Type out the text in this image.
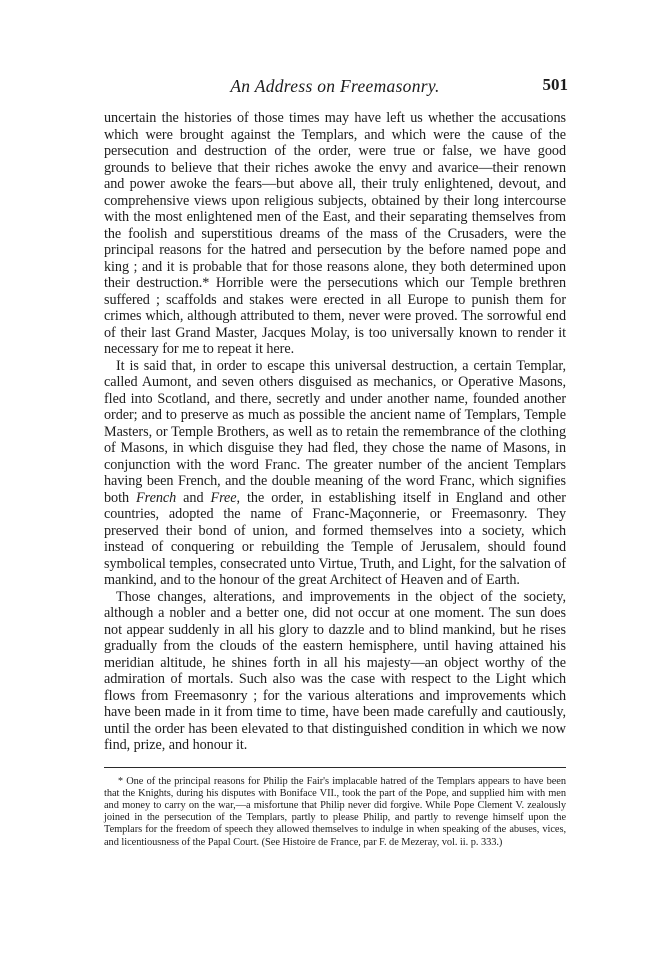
An Address on Freemasonry.	501

uncertain the histories of those times may have left us whether the accusations which were brought against the Templars, and which were the cause of the persecution and destruction of the order, were true or false, we have good grounds to believe that their riches awoke the envy and avarice—their renown and power awoke the fears—but above all, their truly enlightened, devout, and comprehensive views upon religious subjects, obtained by their long intercourse with the most enlightened men of the East, and their separating themselves from the foolish and superstitious dreams of the mass of the Crusaders, were the principal reasons for the hatred and persecution by the before named pope and king ; and it is probable that for those reasons alone, they both determined upon their destruction.* Horrible were the persecutions which our Temple brethren suffered ; scaffolds and stakes were erected in all Europe to punish them for crimes which, although attributed to them, never were proved. The sorrowful end of their last Grand Master, Jacques Molay, is too universally known to render it necessary for me to repeat it here.

It is said that, in order to escape this universal destruction, a certain Templar, called Aumont, and seven others disguised as mechanics, or Operative Masons, fled into Scotland, and there, secretly and under another name, founded another order; and to preserve as much as possible the ancient name of Templars, Temple Masters, or Temple Brothers, as well as to retain the remembrance of the clothing of Masons, in which disguise they had fled, they chose the name of Masons, in conjunction with the word Franc. The greater number of the ancient Templars having been French, and the double meaning of the word Franc, which signifies both French and Free, the order, in establishing itself in England and other countries, adopted the name of Franc-Maçonnerie, or Freemasonry. They preserved their bond of union, and formed themselves into a society, which instead of conquering or rebuilding the Temple of Jerusalem, should found symbolical temples, consecrated unto Virtue, Truth, and Light, for the salvation of mankind, and to the honour of the great Architect of Heaven and of Earth.

Those changes, alterations, and improvements in the object of the society, although a nobler and a better one, did not occur at one moment. The sun does not appear suddenly in all his glory to dazzle and to blind mankind, but he rises gradually from the clouds of the eastern hemisphere, until having attained his meridian altitude, he shines forth in all his majesty—an object worthy of the admiration of mortals. Such also was the case with respect to the Light which flows from Freemasonry ; for the various alterations and improvements which have been made in it from time to time, have been made carefully and cautiously, until the order has been elevated to that distinguished condition in which we now find, prize, and honour it.

* One of the principal reasons for Philip the Fair's implacable hatred of the Templars appears to have been that the Knights, during his disputes with Boniface VII., took the part of the Pope, and supplied him with men and money to carry on the war,—a misfortune that Philip never did forgive. While Pope Clement V. zealously joined in the persecution of the Templars, partly to please Philip, and partly to revenge himself upon the Templars for the freedom of speech they allowed themselves to indulge in when speaking of the abuses, vices, and licentiousness of the Papal Court. (See Histoire de France, par F. de Mezeray, vol. ii. p. 333.)
